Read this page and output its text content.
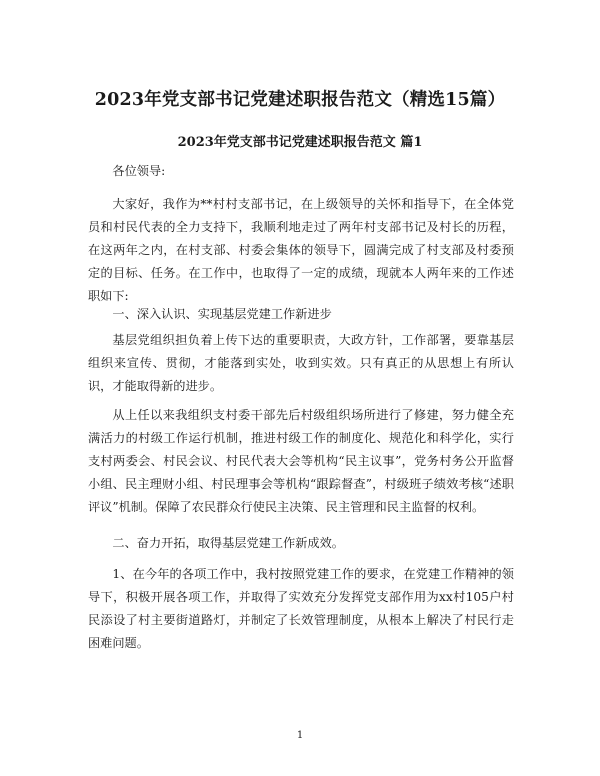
2023年党支部书记党建述职报告范文（精选15篇）
2023年党支部书记党建述职报告范文 篇1

各位领导:

大家好，我作为**村村支部书记，在上级领导的关怀和指导下，在全体党员和村民代表的全力支持下，我顺利地走过了两年村支部书记及村长的历程，在这两年之内，在村支部、村委会集体的领导下，圆满完成了村支部及村委预定的目标、任务。在工作中，也取得了一定的成绩，现就本人两年来的工作述职如下:

一、深入认识、实现基层党建工作新进步

基层党组织担负着上传下达的重要职责，大政方针，工作部署，要靠基层组织来宣传、贯彻，才能落到实处，收到实效。只有真正的从思想上有所认识，才能取得新的进步。

从上任以来我组织支村委干部先后村级组织场所进行了修建，努力健全充满活力的村级工作运行机制，推进村级工作的制度化、规范化和科学化，实行支村两委会、村民会议、村民代表大会等机构“民主议事”，党务村务公开监督小组、民主理财小组、村民理事会等机构“跟踪督查”，村级班子绩效考核“述职评议”机制。保障了农民群众行使民主决策、民主管理和民主监督的权利。

二、奋力开拓，取得基层党建工作新成效。

1、在今年的各项工作中，我村按照党建工作的要求，在党建工作精神的领导下，积极开展各项工作，并取得了实效充分发挥党支部作用为xx村105户村民添设了村主要街道路灯，并制定了长效管理制度，从根本上解决了村民行走困难问题。

1
